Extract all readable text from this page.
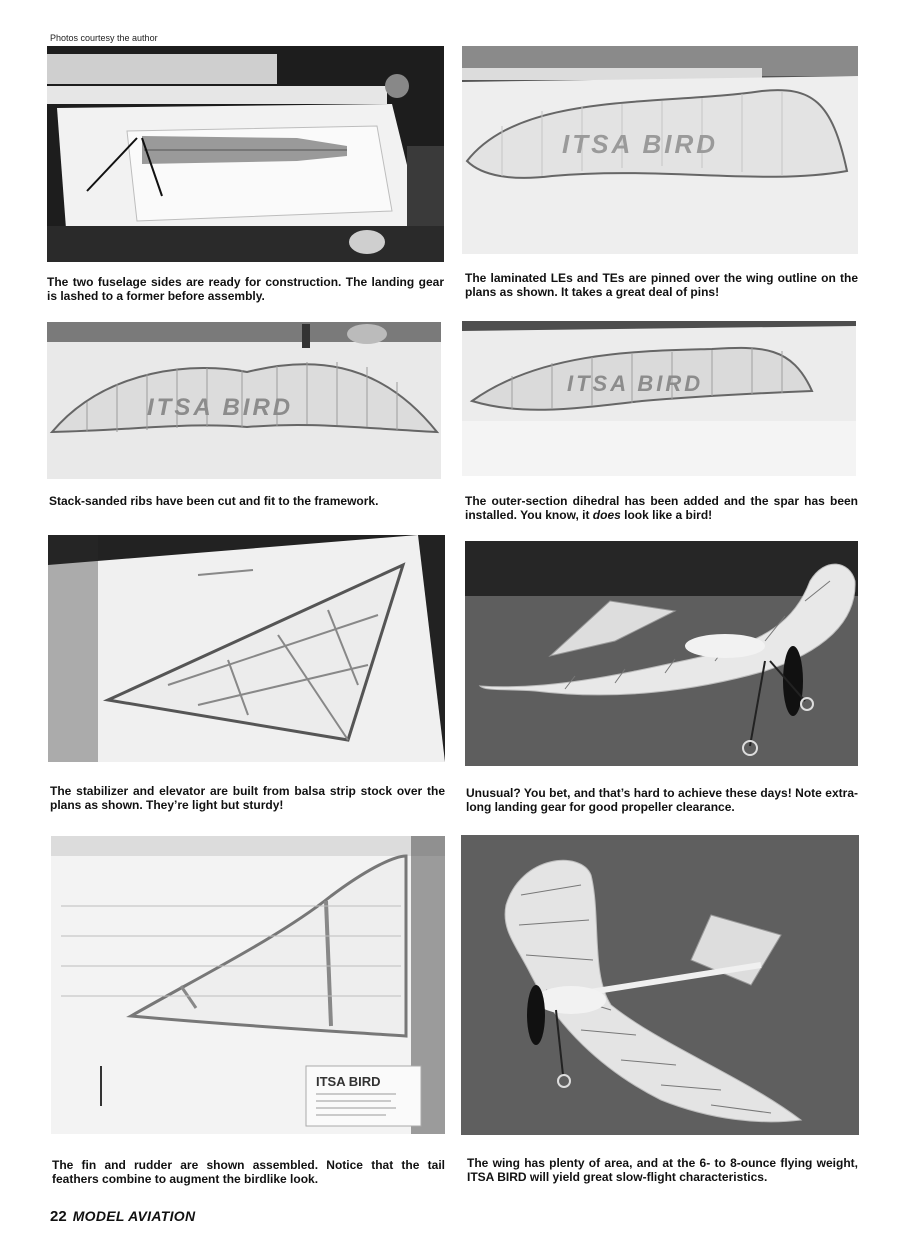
Photos courtesy the author
ITSA BIRD
The two fuselage sides are ready for construction. The landing gear is lashed to a former before assembly.
The laminated LEs and TEs are pinned over the wing outline on the plans as shown. It takes a great deal of pins!
ITSA BIRD
ITSA BIRD
Stack-sanded ribs have been cut and fit to the framework.	The outer-section dihedral has been added and the spar has been installed. You know, it does look like a bird!
The stabilizer and elevator are built from balsa strip stock over the plans as shown. They’re light but sturdy!
Unusual? You bet, and that’s hard to achieve these days! Note extra-long landing gear for good propeller clearance.
ITSA BIRD
The fin and rudder are shown assembled. Notice that the tail feathers combine to augment the birdlike look.
The wing has plenty of area, and at the 6- to 8-ounce flying weight, ITSA BIRD will yield great slow-flight characteristics.
22 MODEL AVIATION
